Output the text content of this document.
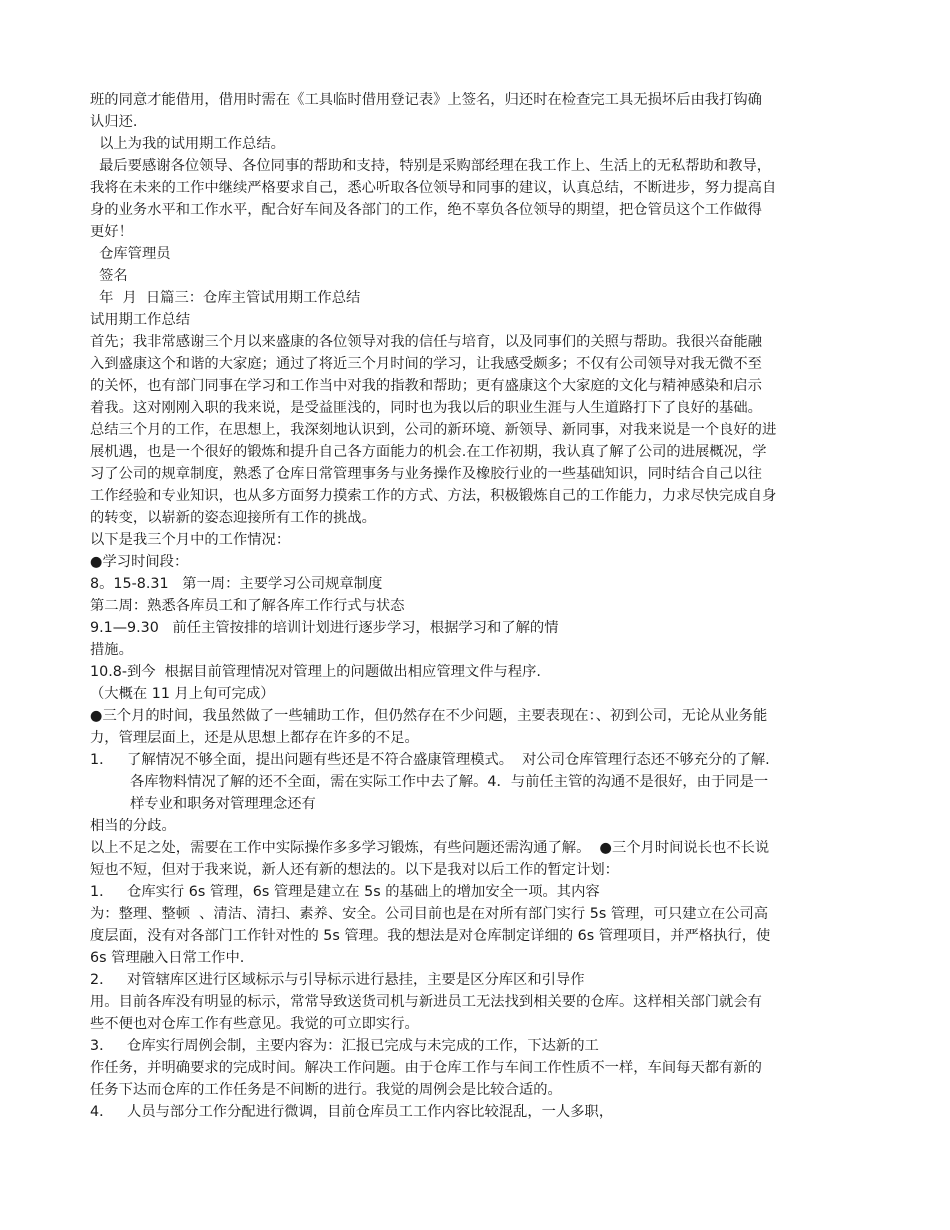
班的同意才能借用，借用时需在《工具临时借用登记表》上签名，归还时在检查完工具无损坏后由我打钩确
认归还.
以上为我的试用期工作总结。
最后要感谢各位领导、各位同事的帮助和支持，特别是采购部经理在我工作上、生活上的无私帮助和教导，
我将在未来的工作中继续严格要求自己，悉心听取各位领导和同事的建议，认真总结，不断进步，努力提高自
身的业务水平和工作水平，配合好车间及各部门的工作，绝不辜负各位领导的期望，把仓管员这个工作做得
更好！
仓库管理员
签名
年  月  日篇三：仓库主管试用期工作总结
试用期工作总结
首先；我非常感谢三个月以来盛康的各位领导对我的信任与培育，以及同事们的关照与帮助。我很兴奋能融
入到盛康这个和谐的大家庭；通过了将近三个月时间的学习，让我感受颇多；不仅有公司领导对我无微不至
的关怀，也有部门同事在学习和工作当中对我的指教和帮助；更有盛康这个大家庭的文化与精神感染和启示
着我。这对刚刚入职的我来说，是受益匪浅的，同时也为我以后的职业生涯与人生道路打下了良好的基础。
总结三个月的工作，在思想上，我深刻地认识到，公司的新环境、新领导、新同事，对我来说是一个良好的进
展机遇，也是一个很好的锻炼和提升自己各方面能力的机会.在工作初期，我认真了解了公司的进展概况，学
习了公司的规章制度，熟悉了仓库日常管理事务与业务操作及橡胶行业的一些基础知识，同时结合自己以往
工作经验和专业知识，也从多方面努力摸索工作的方式、方法，积极锻炼自己的工作能力，力求尽快完成自身
的转变，以崭新的姿态迎接所有工作的挑战。
以下是我三个月中的工作情况：
●学习时间段：
8。15-8.31   第一周：主要学习公司规章制度
第二周：熟悉各库员工和了解各库工作行式与状态
9.1—9.30   前任主管按排的培训计划进行逐步学习，根据学习和了解的情
措施。
10.8-到今  根据目前管理情况对管理上的问题做出相应管理文件与程序.
（大概在 11 月上旬可完成）
●三个月的时间，我虽然做了一些辅助工作，但仍然存在不少问题，主要表现在：、初到公司，无论从业务能
力，管理层面上，还是从思想上都存在许多的不足。
1．   了解情况不够全面，提出问题有些还是不符合盛康管理模式。  对公司仓库管理行态还不够充分的了解.
各库物料情况了解的还不全面，需在实际工作中去了解。4．与前任主管的沟通不是很好，由于同是一
样专业和职务对管理理念还有
相当的分歧。
以上不足之处，需要在工作中实际操作多多学习锻炼，有些问题还需沟通了解。  ●三个月时间说长也不长说
短也不短，但对于我来说，新人还有新的想法的。以下是我对以后工作的暂定计划：
1．   仓库实行 6s 管理，6s 管理是建立在 5s 的基础上的增加安全一项。其内容
为：整理、整顿  、清洁、清扫、素养、安全。公司目前也是在对所有部门实行 5s 管理，可只建立在公司高
度层面，没有对各部门工作针对性的 5s 管理。我的想法是对仓库制定详细的 6s 管理项目，并严格执行，使
6s 管理融入日常工作中.
2．   对管辖库区进行区域标示与引导标示进行悬挂，主要是区分库区和引导作
用。目前各库没有明显的标示，常常导致送货司机与新进员工无法找到相关要的仓库。这样相关部门就会有
些不便也对仓库工作有些意见。我觉的可立即实行。
3．   仓库实行周例会制，主要内容为：汇报已完成与未完成的工作，下达新的工
作任务，并明确要求的完成时间。解决工作问题。由于仓库工作与车间工作性质不一样，车间每天都有新的
任务下达而仓库的工作任务是不间断的进行。我觉的周例会是比较合适的。
4．   人员与部分工作分配进行微调，目前仓库员工工作内容比较混乱，一人多职，
